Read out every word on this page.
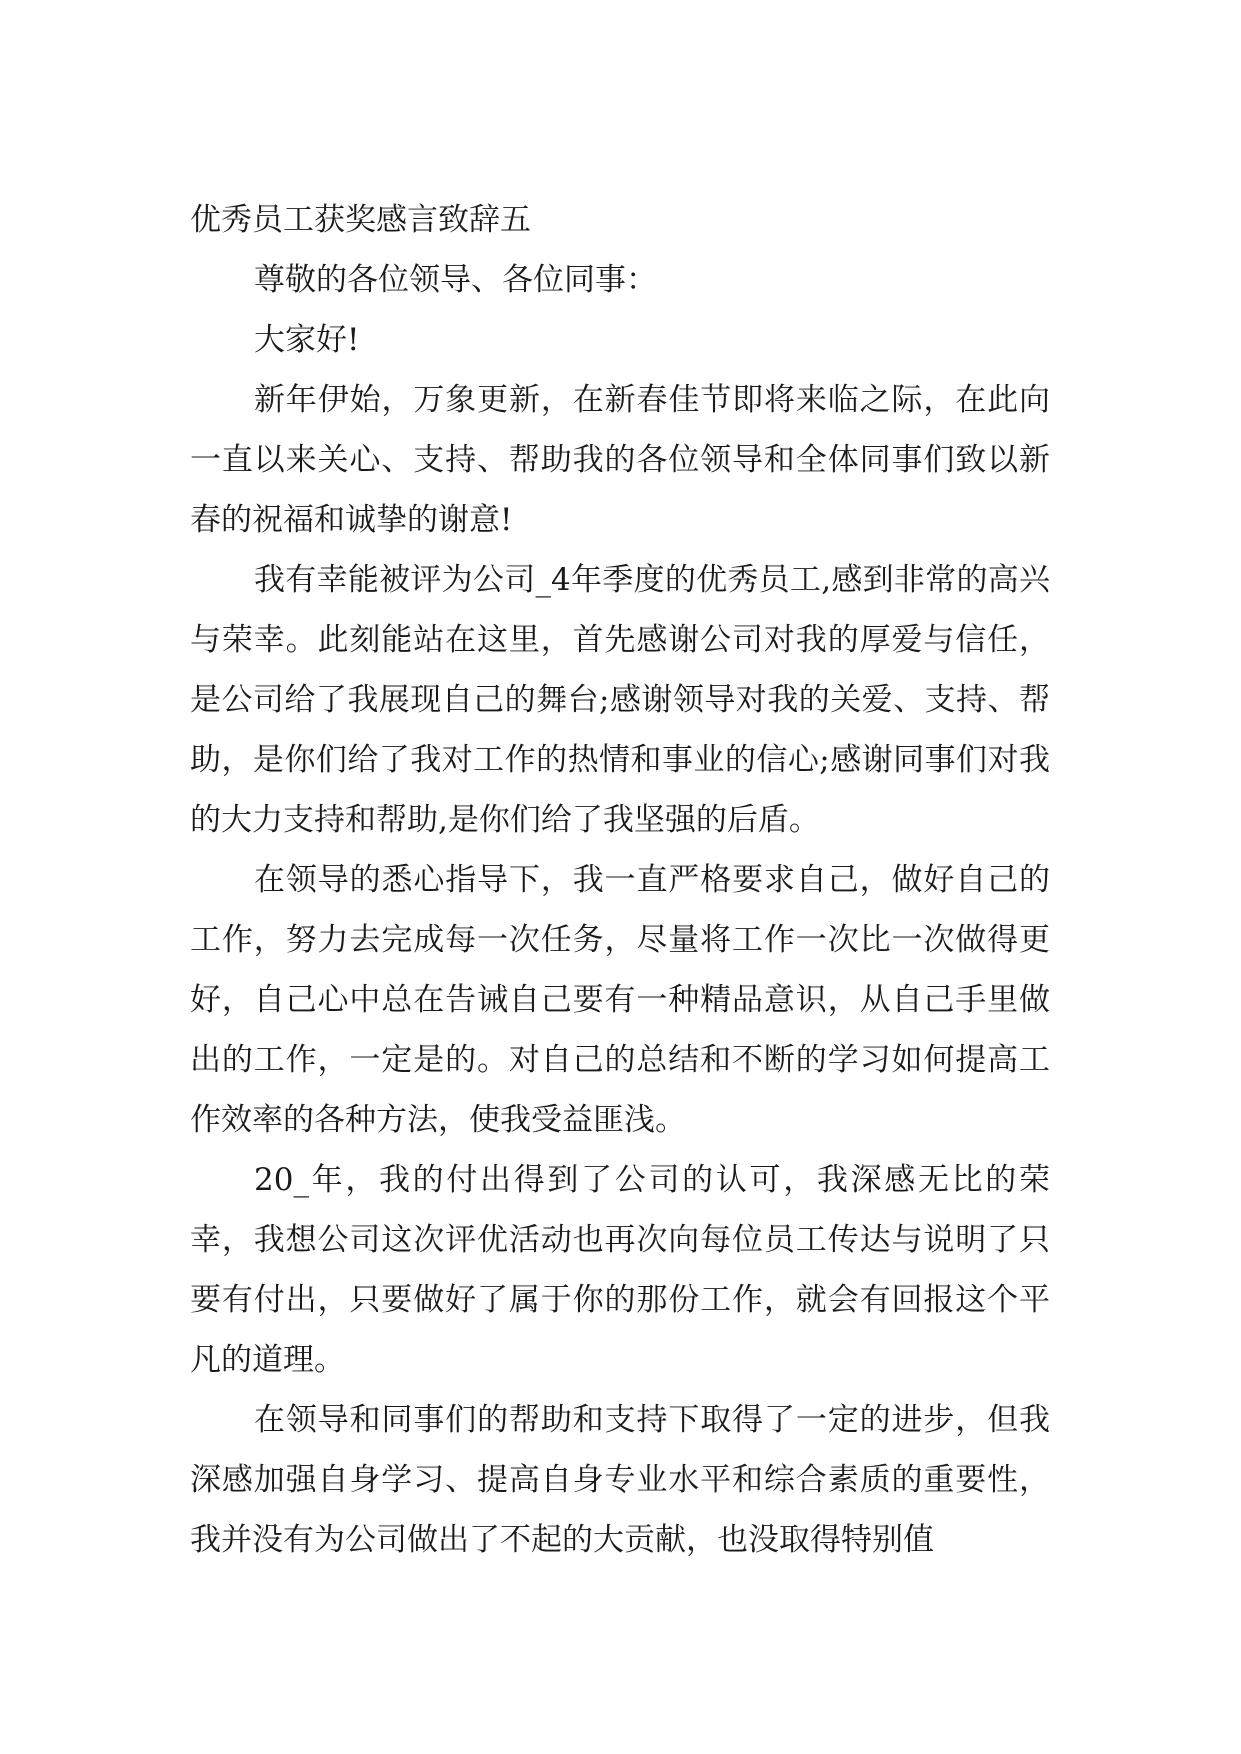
优秀员工获奖感言致辞五

尊敬的各位领导、各位同事：

大家好!

新年伊始，万象更新，在新春佳节即将来临之际，在此向一直以来关心、支持、帮助我的各位领导和全体同事们致以新春的祝福和诚挚的谢意!

我有幸能被评为公司_4年季度的优秀员工,感到非常的高兴与荣幸。此刻能站在这里，首先感谢公司对我的厚爱与信任，是公司给了我展现自己的舞台;感谢领导对我的关爱、支持、帮助，是你们给了我对工作的热情和事业的信心;感谢同事们对我的大力支持和帮助,是你们给了我坚强的后盾。

在领导的悉心指导下，我一直严格要求自己，做好自己的工作，努力去完成每一次任务，尽量将工作一次比一次做得更好，自己心中总在告诫自己要有一种精品意识，从自己手里做出的工作，一定是的。对自己的总结和不断的学习如何提高工作效率的各种方法，使我受益匪浅。

20_年，我的付出得到了公司的认可，我深感无比的荣幸，我想公司这次评优活动也再次向每位员工传达与说明了只要有付出，只要做好了属于你的那份工作，就会有回报这个平凡的道理。

在领导和同事们的帮助和支持下取得了一定的进步，但我深感加强自身学习、提高自身专业水平和综合素质的重要性，我并没有为公司做出了不起的大贡献，也没取得特别值
